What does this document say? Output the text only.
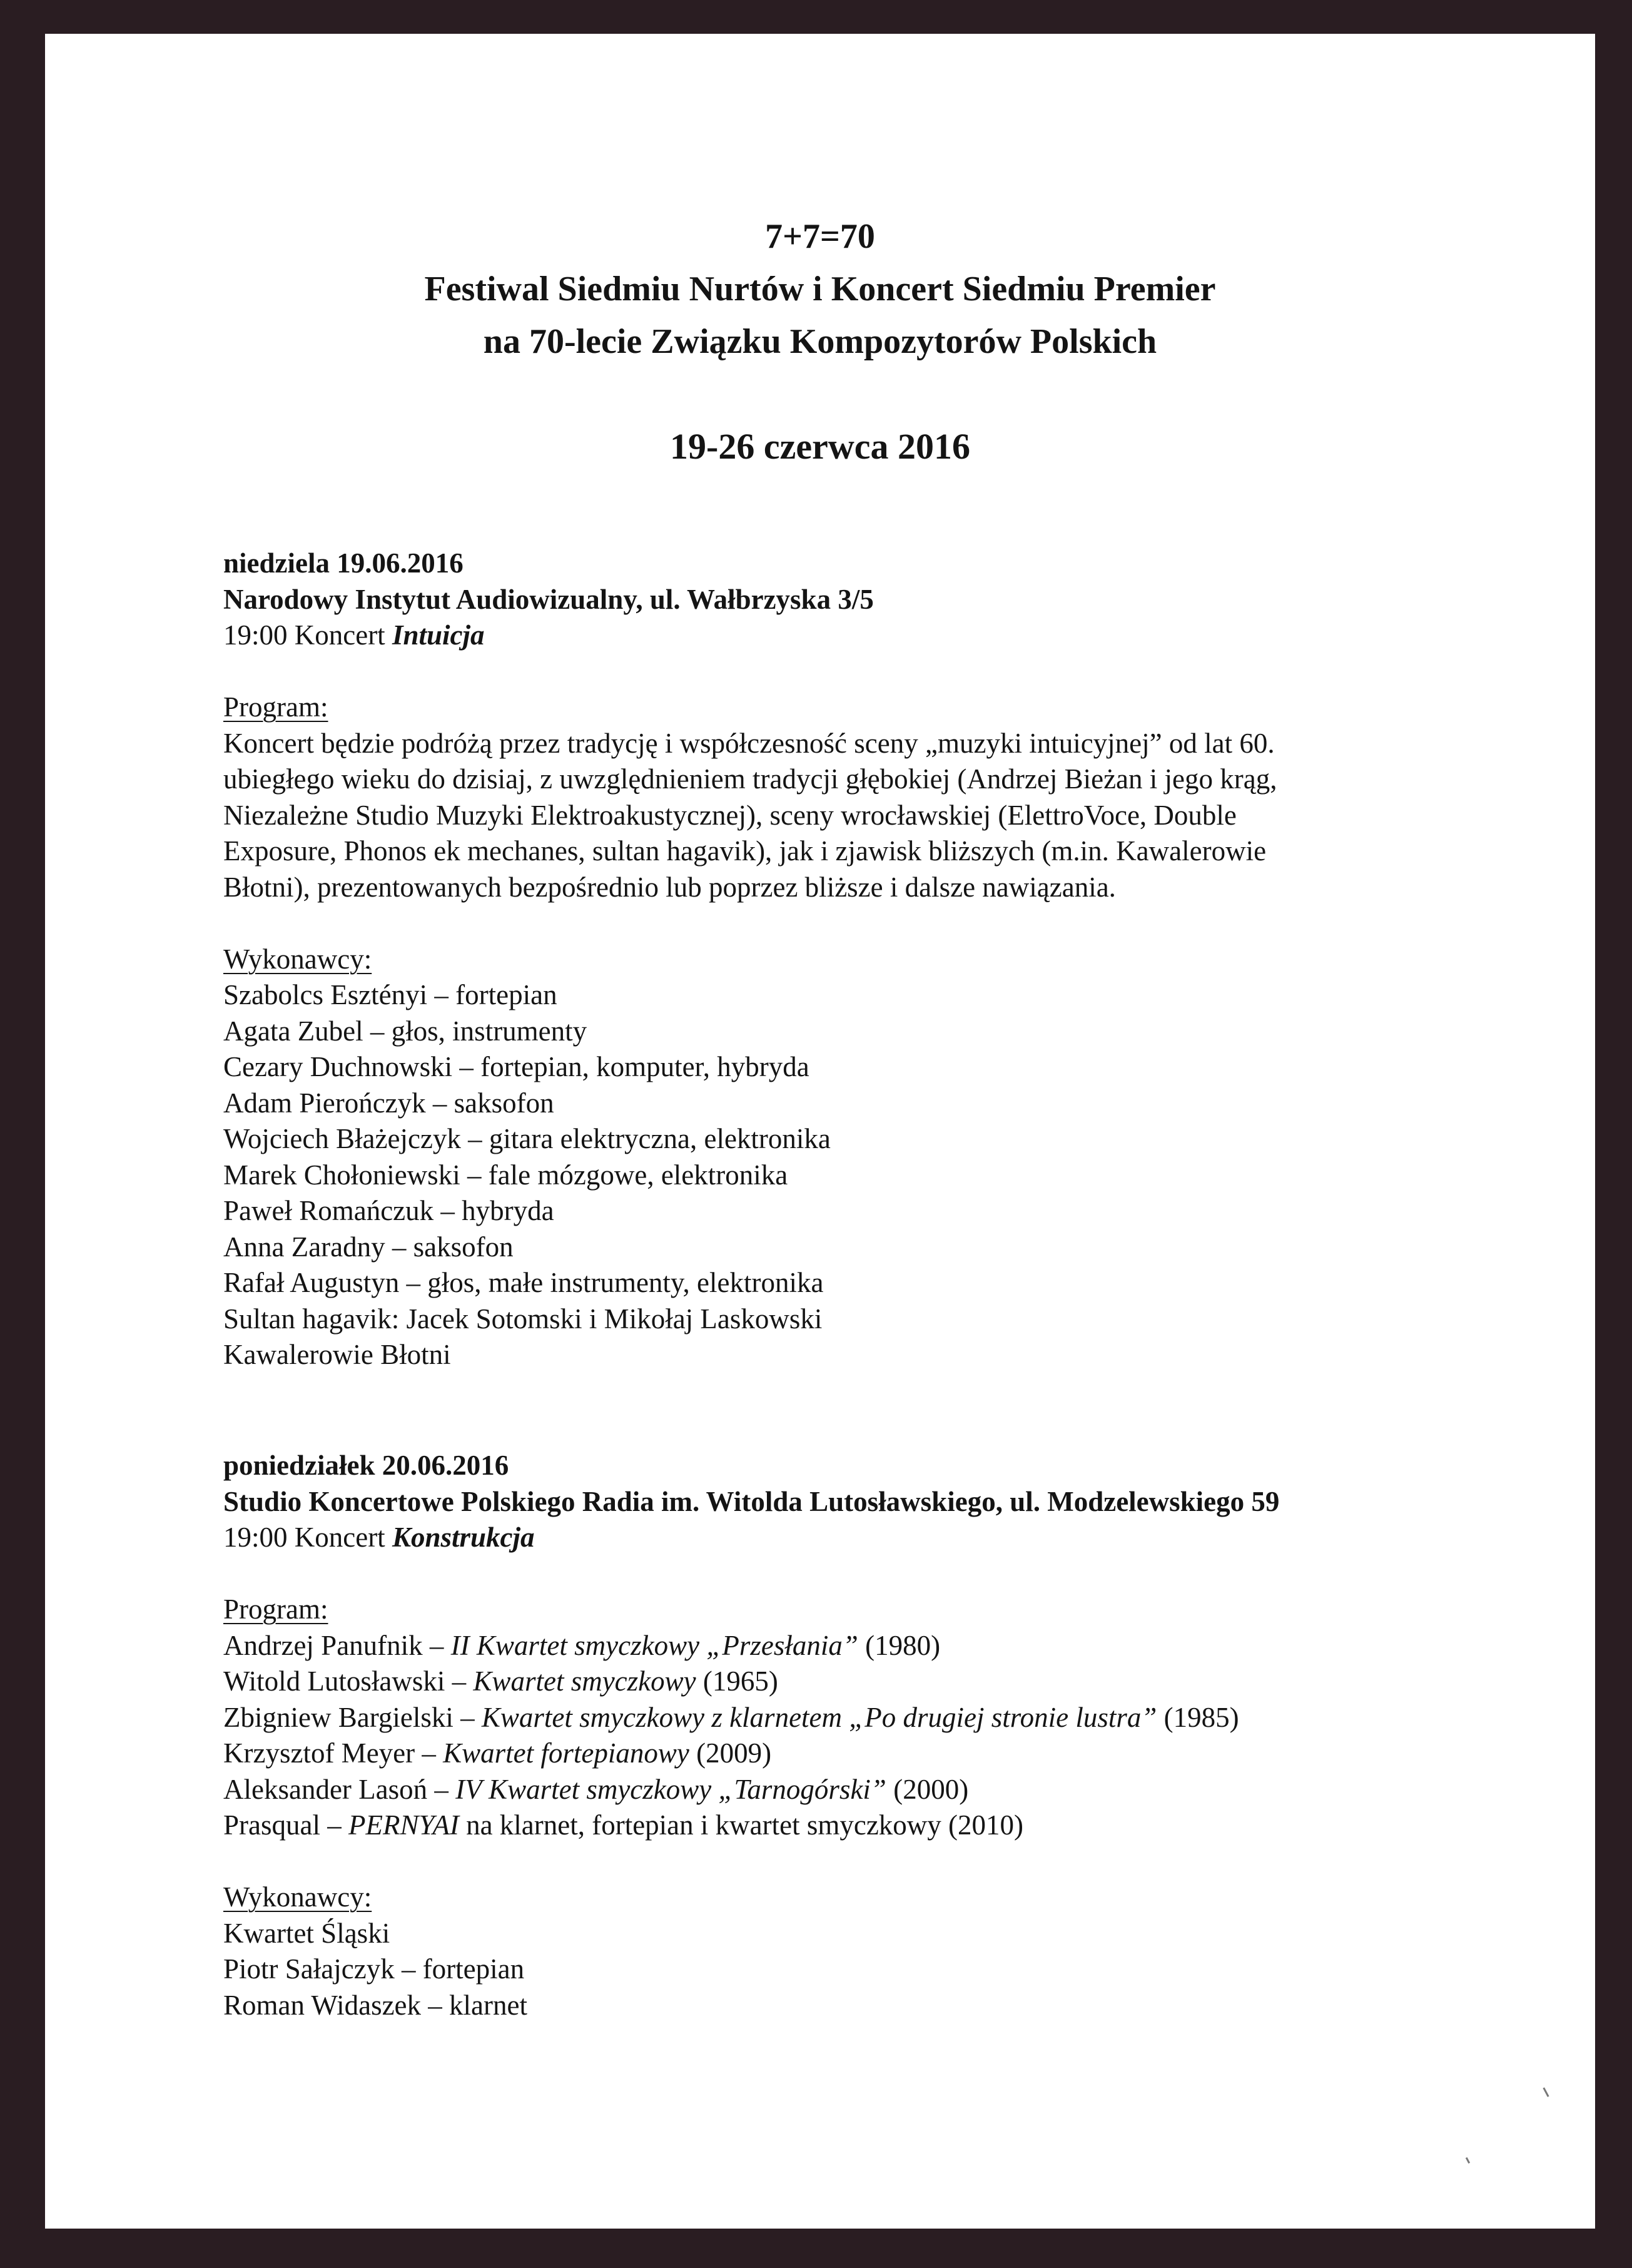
7+7=70
Festiwal Siedmiu Nurtów i Koncert Siedmiu Premier
na 70-lecie Związku Kompozytorów Polskich
19-26 czerwca 2016
niedziela 19.06.2016
Narodowy Instytut Audiowizualny, ul. Wałbrzyska 3/5
19:00 Koncert Intuicja
Program:
Koncert będzie podróżą przez tradycję i współczesność sceny „muzyki intuicyjnej” od lat 60.
ubiegłego wieku do dzisiaj, z uwzględnieniem tradycji głębokiej (Andrzej Bieżan i jego krąg,
Niezależne Studio Muzyki Elektroakustycznej), sceny wrocławskiej (ElettroVoce, Double
Exposure, Phonos ek mechanes, sultan hagavik), jak i zjawisk bliższych (m.in. Kawalerowie
Błotni), prezentowanych bezpośrednio lub poprzez bliższe i dalsze nawiązania.
Wykonawcy:
Szabolcs Esztényi – fortepian
Agata Zubel – głos, instrumenty
Cezary Duchnowski – fortepian, komputer, hybryda
Adam Pierończyk – saksofon
Wojciech Błażejczyk – gitara elektryczna, elektronika
Marek Chołoniewski – fale mózgowe, elektronika
Paweł Romańczuk – hybryda
Anna Zaradny – saksofon
Rafał Augustyn – głos, małe instrumenty, elektronika
Sultan hagavik: Jacek Sotomski i Mikołaj Laskowski
Kawalerowie Błotni
poniedziałek 20.06.2016
Studio Koncertowe Polskiego Radia im. Witolda Lutosławskiego, ul. Modzelewskiego 59
19:00 Koncert Konstrukcja
Program:
Andrzej Panufnik – II Kwartet smyczkowy „Przesłania” (1980)
Witold Lutosławski – Kwartet smyczkowy (1965)
Zbigniew Bargielski – Kwartet smyczkowy z klarnetem „Po drugiej stronie lustra” (1985)
Krzysztof Meyer – Kwartet fortepianowy (2009)
Aleksander Lasoń – IV Kwartet smyczkowy „Tarnogórski” (2000)
Prasqual – PERNYAI na klarnet, fortepian i kwartet smyczkowy (2010)
Wykonawcy:
Kwartet Śląski
Piotr Sałajczyk – fortepian
Roman Widaszek – klarnet
